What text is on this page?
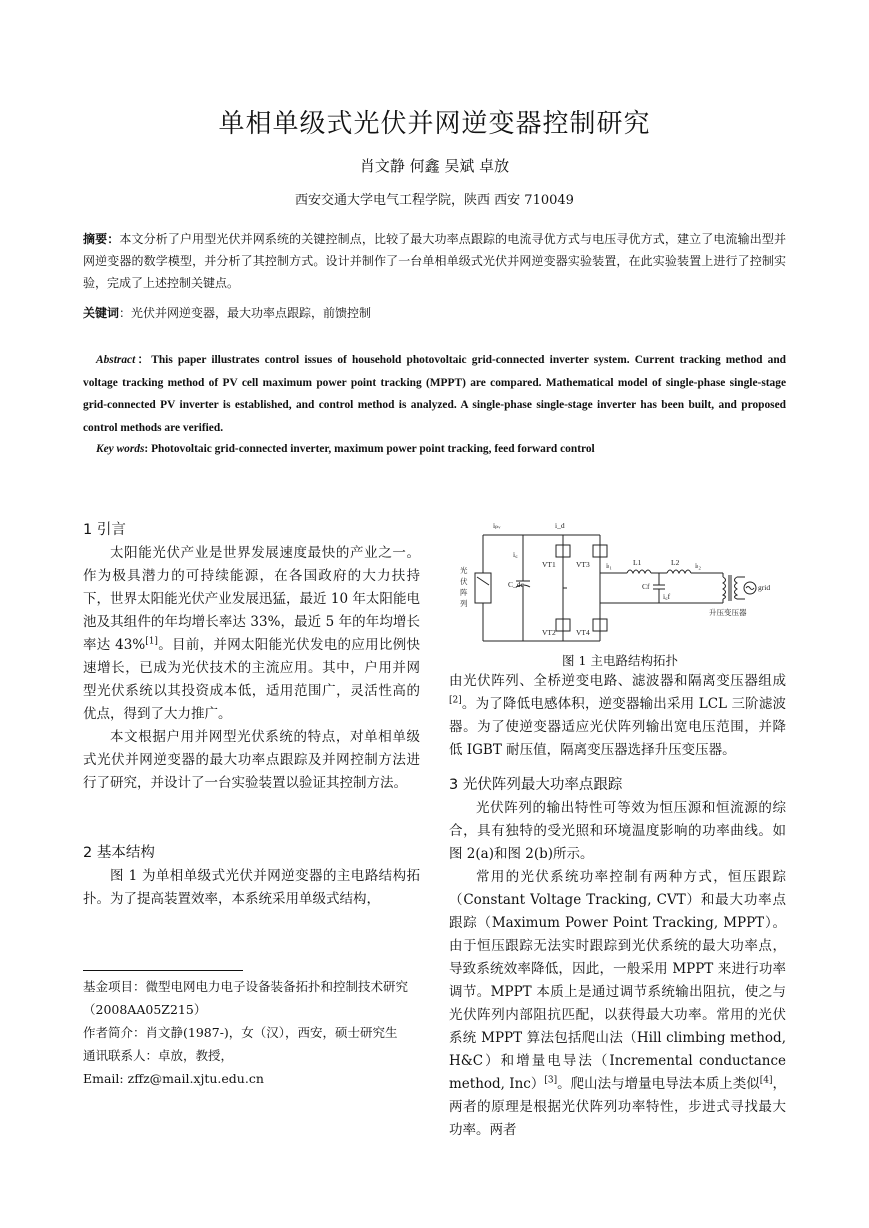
单相单级式光伏并网逆变器控制研究
肖文静 何鑫 吴斌 卓放
西安交通大学电气工程学院，陕西 西安 710049
摘要：本文分析了户用型光伏并网系统的关键控制点，比较了最大功率点跟踪的电流寻优方式与电压寻优方式，建立了电流输出型并网逆变器的数学模型，并分析了其控制方式。设计并制作了一台单相单级式光伏并网逆变器实验装置，在此实验装置上进行了控制实验，完成了上述控制关键点。
关键词：光伏并网逆变器，最大功率点跟踪，前馈控制
Abstract：This paper illustrates control issues of household photovoltaic grid-connected inverter system. Current tracking method and voltage tracking method of PV cell maximum power point tracking (MPPT) are compared. Mathematical model of single-phase single-stage grid-connected PV inverter is established, and control method is analyzed. A single-phase single-stage inverter has been built, and proposed control methods are verified.
Key words: Photovoltaic grid-connected inverter, maximum power point tracking, feed forward control
1 引言

太阳能光伏产业是世界发展速度最快的产业之一。作为极具潜力的可持续能源，在各国政府的大力扶持下，世界太阳能光伏产业发展迅猛，最近 10 年太阳能电池及其组件的年均增长率达 33%，最近 5 年的年均增长率达 43%[1]。目前，并网太阳能光伏发电的应用比例快速增长，已成为光伏技术的主流应用。其中，户用并网型光伏系统以其投资成本低，适用范围广，灵活性高的优点，得到了大力推广。

本文根据户用并网型光伏系统的特点，对单相单级式光伏并网逆变器的最大功率点跟踪及并网控制方法进行了研究，并设计了一台实验装置以验证其控制方法。

2 基本结构

图 1 为单相单级式光伏并网逆变器的主电路结构拓扑。为了提高装置效率，本系统采用单级式结构，

基金项目：微型电网电力电子设备装备拓扑和控制技术研究（2008AA05Z215）
作者简介：肖文静(1987-)，女（汉），西安，硕士研究生
通讯联系人：卓放，教授，
Email: zffz@mail.xjtu.edu.cn
iₚᵥ	i_d
i꜀
C_dc
VT1	VT3
VT2	VT4
iₗ₁	L1	L2 iₗ₂
Cf
i꜀f
grid
升压变压器
光
伏
阵
列
图 1 主电路结构拓扑

由光伏阵列、全桥逆变电路、滤波器和隔离变压器组成[2]。为了降低电感体积，逆变器输出采用 LCL 三阶滤波器。为了使逆变器适应光伏阵列输出宽电压范围，并降低 IGBT 耐压值，隔离变压器选择升压变压器。

3 光伏阵列最大功率点跟踪

光伏阵列的输出特性可等效为恒压源和恒流源的综合，具有独特的受光照和环境温度影响的功率曲线。如图 2(a)和图 2(b)所示。

常用的光伏系统功率控制有两种方式，恒压跟踪（Constant Voltage Tracking, CVT）和最大功率点跟踪（Maximum Power Point Tracking, MPPT）。由于恒压跟踪无法实时跟踪到光伏系统的最大功率点，导致系统效率降低，因此，一般采用 MPPT 来进行功率调节。MPPT 本质上是通过调节系统输出阻抗，使之与光伏阵列内部阻抗匹配，以获得最大功率。常用的光伏系统 MPPT 算法包括爬山法（Hill climbing method, H&C）和增量电导法（Incremental conductance method, Inc）[3]。爬山法与增量电导法本质上类似[4]，两者的原理是根据光伏阵列功率特性，步进式寻找最大功率。两者
